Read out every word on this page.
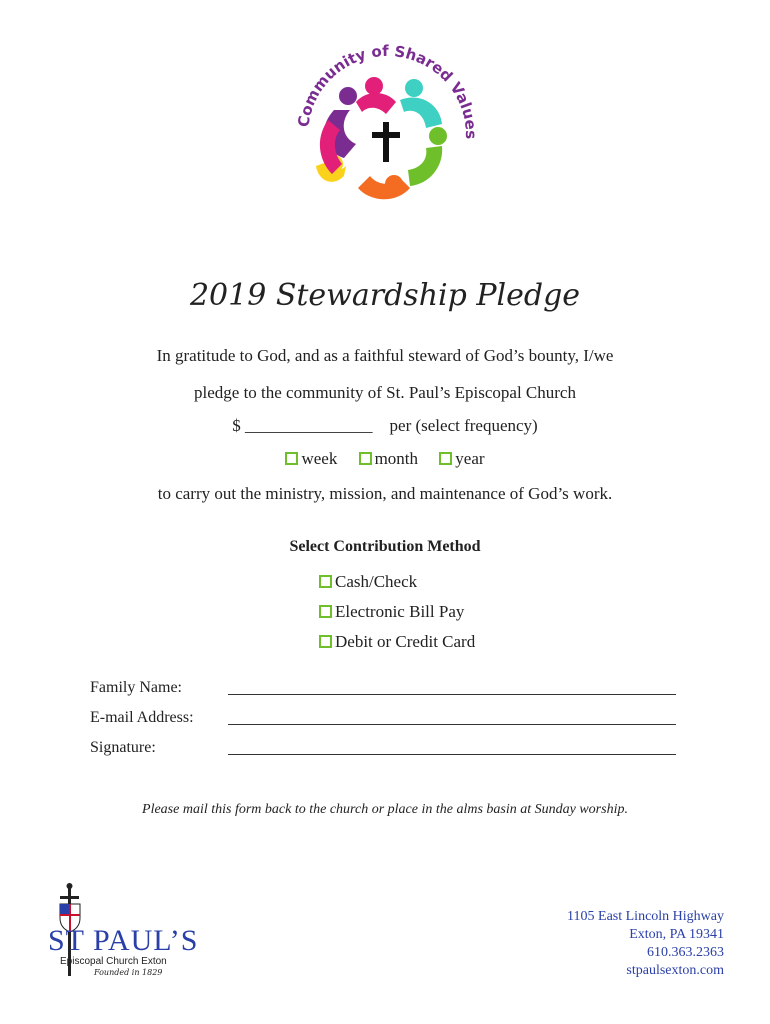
Community of Shared Values
2019 Stewardship Pledge
In gratitude to God, and as a faithful steward of God’s bounty, I/we
pledge to the community of St. Paul’s Episcopal Church
$ _______________ per (select frequency)
week month year
to carry out the ministry, mission, and maintenance of God’s work.
Select Contribution Method
Cash/Check
Electronic Bill Pay
Debit or Credit Card
Family Name:
E-mail Address:
Signature:
Please mail this form back to the church or place in the alms basin at Sunday worship.
ST PAUL’S
Episcopal Church Exton
Founded in 1829
1105 East Lincoln Highway
Exton, PA 19341
610.363.2363
stpaulsexton.com
